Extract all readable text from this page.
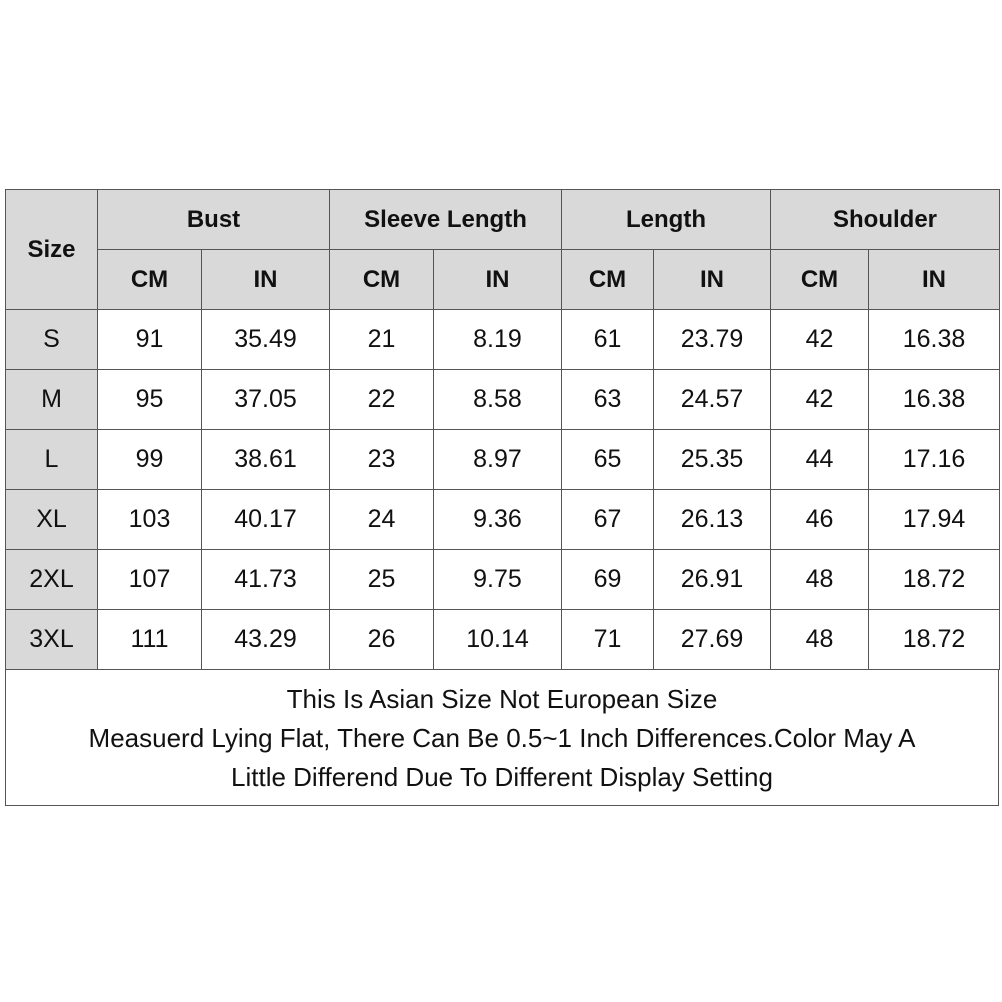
Size	Bust		Sleeve Length		Length		Shoulder	
	CM	IN	CM	IN	CM	IN	CM	IN
S	91	35.49	21	8.19	61	23.79	42	16.38
M	95	37.05	22	8.58	63	24.57	42	16.38
L	99	38.61	23	8.97	65	25.35	44	17.16
XL	103	40.17	24	9.36	67	26.13	46	17.94
2XL	107	41.73	25	9.75	69	26.91	48	18.72
3XL	111	43.29	26	10.14	71	27.69	48	18.72
This Is Asian Size Not European Size
Measuerd Lying Flat, There Can Be 0.5~1 Inch Differences.Color May A
Little Differend Due To Different Display Setting
